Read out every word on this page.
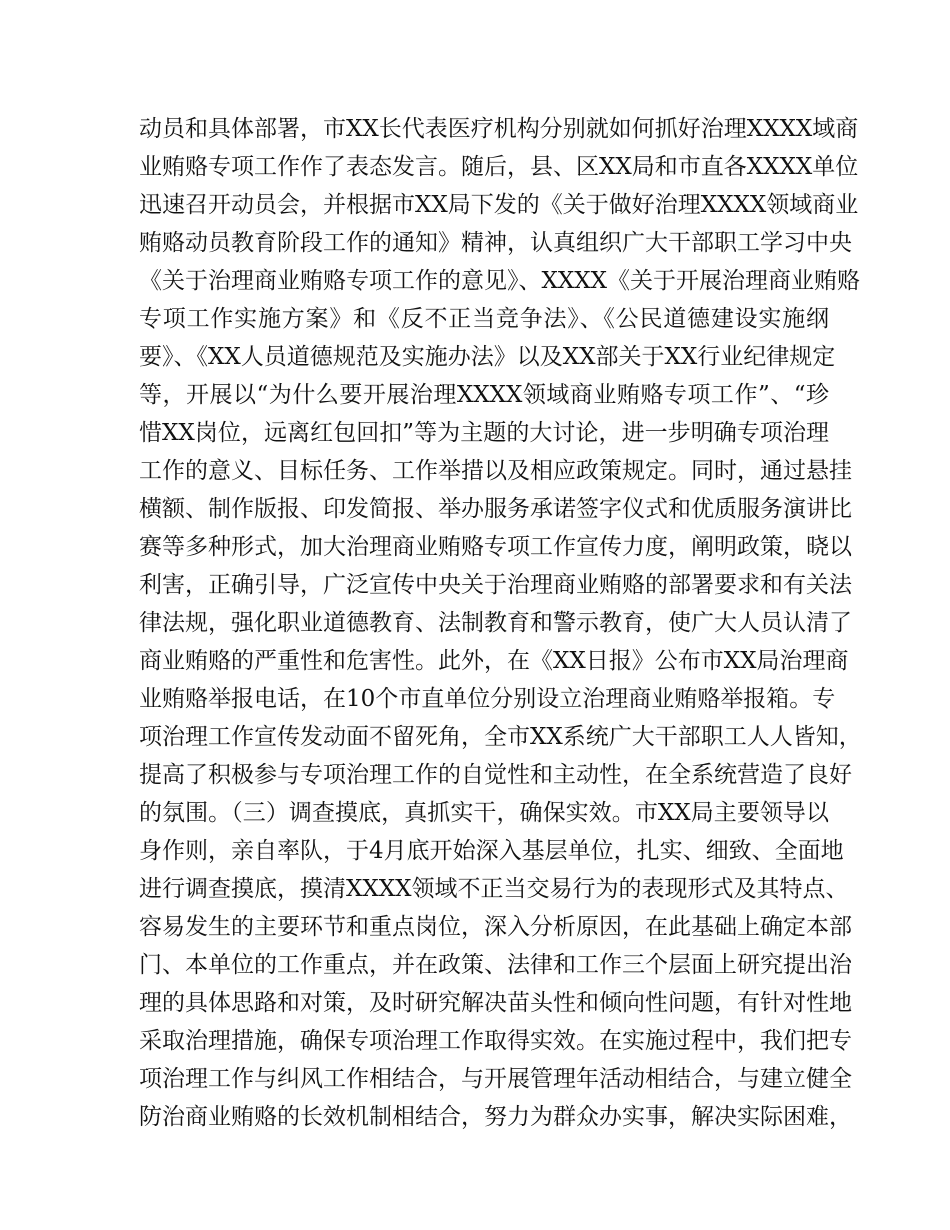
动员和具体部署，市XX长代表医疗机构分别就如何抓好治理XXXX域商
业贿赂专项工作作了表态发言。随后，县、区XX局和市直各XXXX单位
迅速召开动员会，并根据市XX局下发的《关于做好治理XXXX领域商业
贿赂动员教育阶段工作的通知》精神，认真组织广大干部职工学习中央
《关于治理商业贿赂专项工作的意见》、XXXX《关于开展治理商业贿赂
专项工作实施方案》和《反不正当竞争法》、《公民道德建设实施纲
要》、《XX人员道德规范及实施办法》以及XX部关于XX行业纪律规定
等，开展以“为什么要开展治理XXXX领域商业贿赂专项工作”、“珍
惜XX岗位，远离红包回扣”等为主题的大讨论，进一步明确专项治理
工作的意义、目标任务、工作举措以及相应政策规定。同时，通过悬挂
横额、制作版报、印发简报、举办服务承诺签字仪式和优质服务演讲比
赛等多种形式，加大治理商业贿赂专项工作宣传力度，阐明政策，晓以
利害，正确引导，广泛宣传中央关于治理商业贿赂的部署要求和有关法
律法规，强化职业道德教育、法制教育和警示教育，使广大人员认清了
商业贿赂的严重性和危害性。此外，在《XX日报》公布市XX局治理商
业贿赂举报电话，在10个市直单位分别设立治理商业贿赂举报箱。专
项治理工作宣传发动面不留死角，全市XX系统广大干部职工人人皆知，
提高了积极参与专项治理工作的自觉性和主动性，在全系统营造了良好
的氛围。（三）调查摸底，真抓实干，确保实效。市XX局主要领导以
身作则，亲自率队，于4月底开始深入基层单位，扎实、细致、全面地
进行调查摸底，摸清XXXX领域不正当交易行为的表现形式及其特点、
容易发生的主要环节和重点岗位，深入分析原因，在此基础上确定本部
门、本单位的工作重点，并在政策、法律和工作三个层面上研究提出治
理的具体思路和对策，及时研究解决苗头性和倾向性问题，有针对性地
采取治理措施，确保专项治理工作取得实效。在实施过程中，我们把专
项治理工作与纠风工作相结合，与开展管理年活动相结合，与建立健全
防治商业贿赂的长效机制相结合，努力为群众办实事，解决实际困难，
